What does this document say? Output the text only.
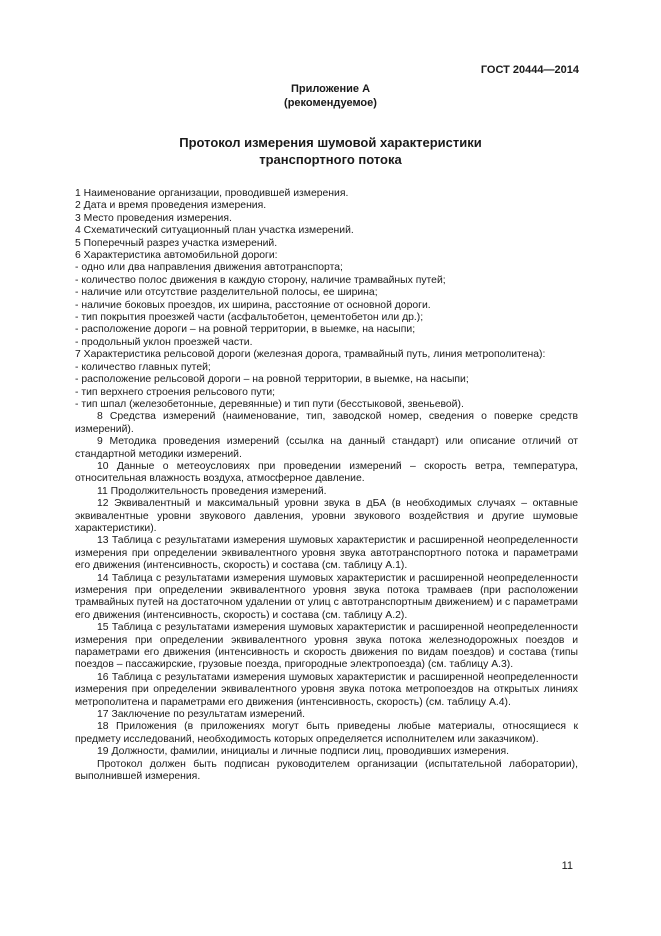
ГОСТ 20444—2014
Приложение А
(рекомендуемое)
Протокол измерения шумовой характеристики
транспортного потока

1 Наименование организации, проводившей измерения.

2 Дата и время проведения измерения.

3 Место проведения измерения.

4 Схематический ситуационный план участка измерений.

5 Поперечный разрез участка измерений.

6 Характеристика автомобильной дороги:

- одно или два направления движения автотранспорта;

- количество полос движения в каждую сторону, наличие трамвайных путей;

- наличие или отсутствие разделительной полосы, ее ширина;

- наличие боковых проездов, их ширина, расстояние от основной дороги.

- тип покрытия проезжей части (асфальтобетон, цементобетон или др.);

- расположение дороги – на ровной территории, в выемке, на насыпи;

- продольный уклон проезжей части.

7 Характеристика рельсовой дороги (железная дорога, трамвайный путь, линия метрополитена):

- количество главных путей;

- расположение рельсовой дороги – на ровной территории, в выемке, на насыпи;

- тип верхнего строения рельсового пути;

- тип шпал (железобетонные, деревянные) и тип пути (бесстыковой, звеньевой).

8 Средства измерений (наименование, тип, заводской номер, сведения о поверке средств измерений).

9 Методика проведения измерений (ссылка на данный стандарт) или описание отличий от стандартной методики измерений.

10 Данные о метеоусловиях при проведении измерений – скорость ветра, температура, относительная влажность воздуха, атмосферное давление.

11 Продолжительность проведения измерений.

12 Эквивалентный и максимальный уровни звука в дБА (в необходимых случаях – октавные эквивалентные уровни звукового давления, уровни звукового воздействия и другие шумовые характеристики).

13 Таблица с результатами измерения шумовых характеристик и расширенной неопределенности измерения при определении эквивалентного уровня звука автотранспортного потока и параметрами его движения (интенсивность, скорость) и состава (см. таблицу А.1).

14 Таблица с результатами измерения шумовых характеристик и расширенной неопределенности измерения при определении эквивалентного уровня звука потока трамваев (при расположении трамвайных путей на достаточном удалении от улиц с автотранспортным движением) и с параметрами его движения (интенсивность, скорость) и состава (см. таблицу А.2).

15 Таблица с результатами измерения шумовых характеристик и расширенной неопределенности измерения при определении эквивалентного уровня звука потока железнодорожных поездов и параметрами его движения (интенсивность и скорость движения по видам поездов) и состава (типы поездов – пассажирские, грузовые поезда, пригородные электропоезда) (см. таблицу А.3).

16 Таблица с результатами измерения шумовых характеристик и расширенной неопределенности измерения при определении эквивалентного уровня звука потока метропоездов на открытых линиях метрополитена и параметрами его движения (интенсивность, скорость) (см. таблицу А.4).

17 Заключение по результатам измерений.

18 Приложения (в приложениях могут быть приведены любые материалы, относящиеся к предмету исследований, необходимость которых определяется исполнителем или заказчиком).

19 Должности, фамилии, инициалы и личные подписи лиц, проводивших измерения.

Протокол должен быть подписан руководителем организации (испытательной лаборатории), выполнившей измерения.

11
